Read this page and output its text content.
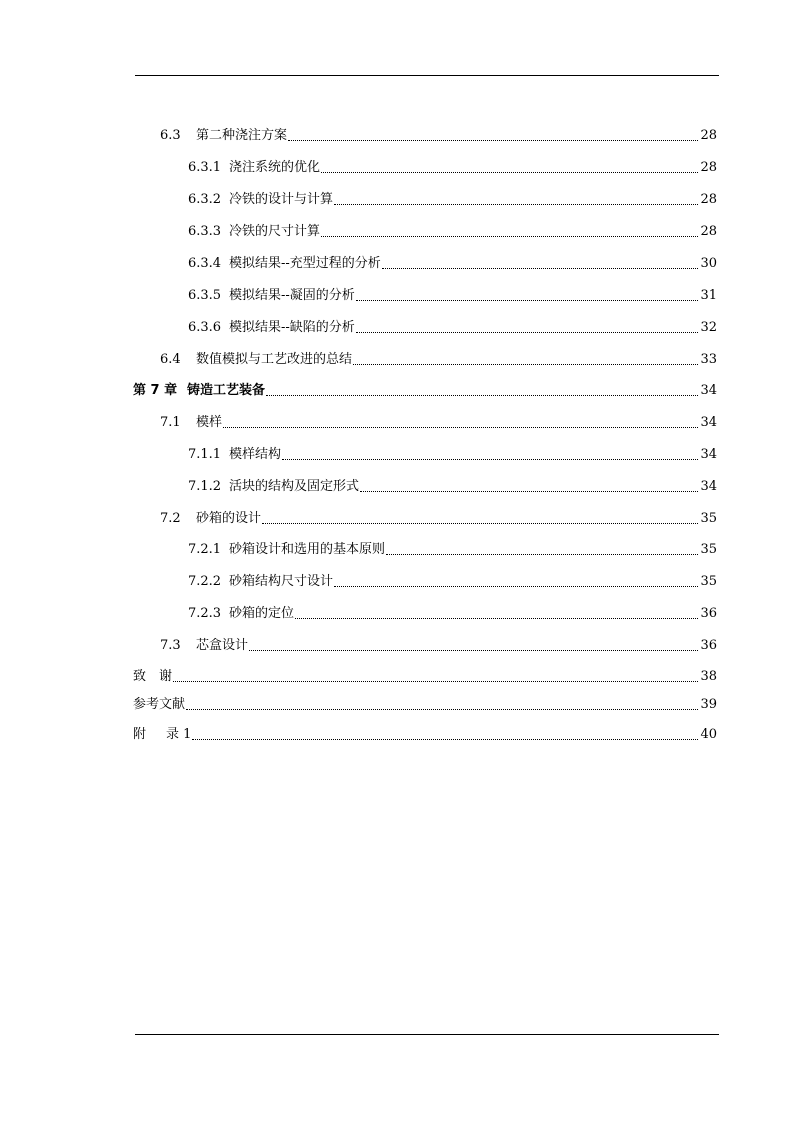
6.3	第二种浇注方案	28
6.3.1 浇注系统的优化	28
6.3.2 冷铁的设计与计算	28
6.3.3 冷铁的尺寸计算	28
6.3.4 模拟结果--充型过程的分析	30
6.3.5 模拟结果--凝固的分析	31
6.3.6 模拟结果--缺陷的分析	32
6.4	数值模拟与工艺改进的总结	33
第 7 章 铸造工艺装备	34
7.1	模样	34
7.1.1 模样结构	34
7.1.2 活块的结构及固定形式	34
7.2	砂箱的设计	35
7.2.1 砂箱设计和选用的基本原则	35
7.2.2 砂箱结构尺寸设计	35
7.2.3 砂箱的定位	36
7.3	芯盒设计	36
致 谢	38
参考文献	39
附	录 1	40
